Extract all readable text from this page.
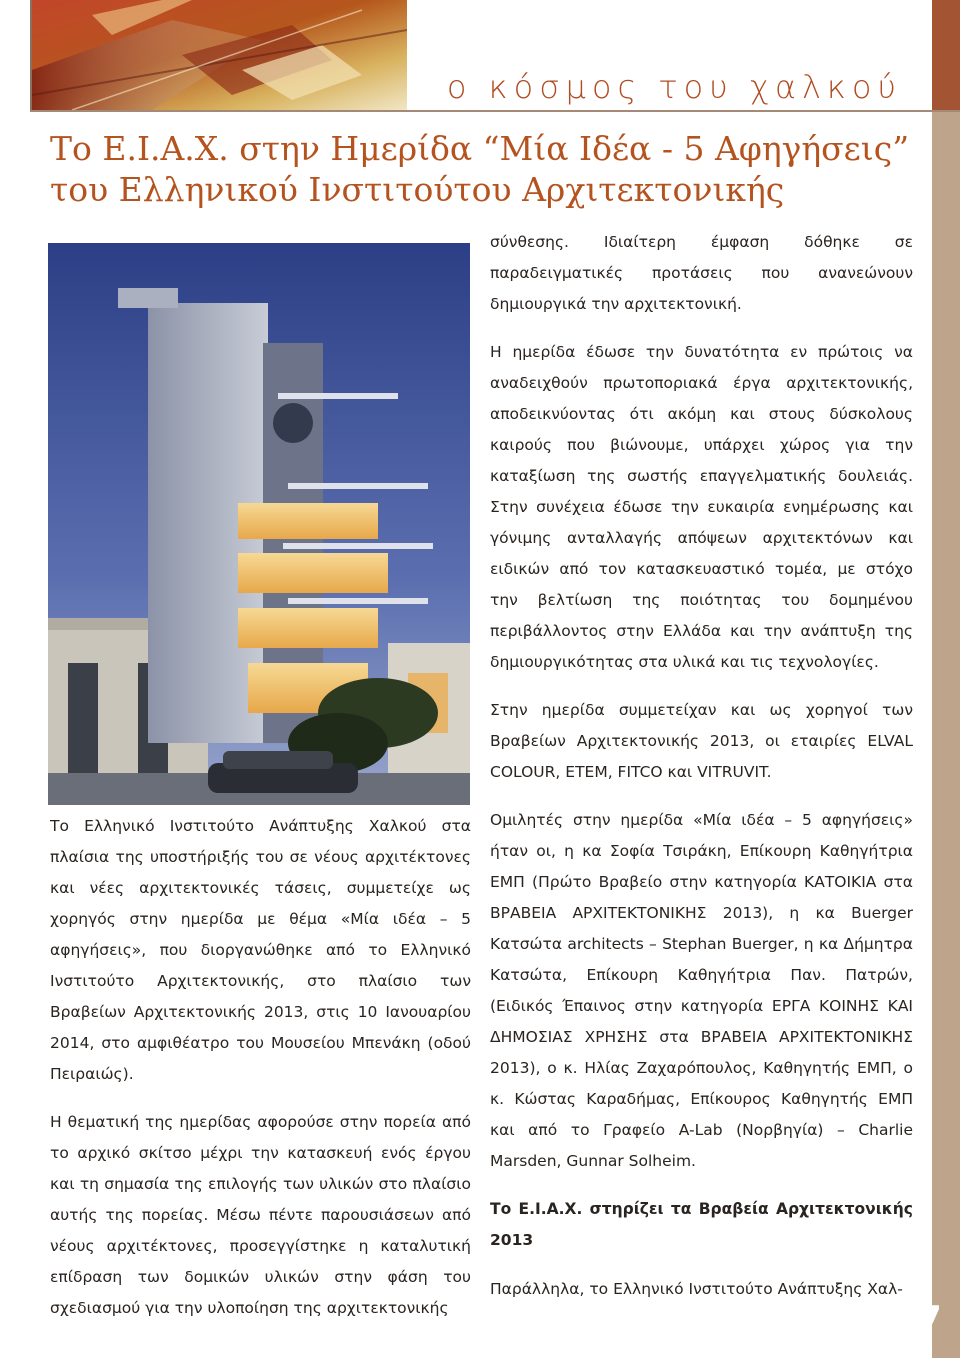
ο κόσμος του χαλκού
Το Ε.Ι.Α.Χ. στην Ημερίδα “Μία Ιδέα - 5 Αφηγήσεις” του Ελληνικού Ινστιτούτου Αρχιτεκτονικής

Το Ελληνικό Ινστιτούτο Ανάπτυξης Χαλκού στα πλαίσια της υποστήριξής του σε νέους αρχιτέκτονες και νέες αρχιτεκτονικές τάσεις, συμμετείχε ως χορηγός στην ημερίδα με θέμα «Μία ιδέα – 5 αφηγήσεις», που διοργανώθηκε από το Ελληνικό Ινστιτούτο Αρχιτεκτονικής, στο πλαίσιο των Βραβείων Αρχιτεκτονικής 2013, στις 10 Ιανουαρίου 2014, στο αμφιθέατρο του Μουσείου Μπενάκη (οδού Πειραιώς).

Η θεματική της ημερίδας αφορούσε στην πορεία από το αρχικό σκίτσο μέχρι την κατασκευή ενός έργου και τη σημασία της επιλογής των υλικών στο πλαίσιο αυτής της πορείας. Μέσω πέντε παρουσιάσεων από νέους αρχιτέκτονες, προσεγγίστηκε η καταλυτική επίδραση των δομικών υλικών στην φάση του σχεδιασμού για την υλοποίηση της αρχιτεκτονικής

σύνθεσης. Ιδιαίτερη έμφαση δόθηκε σε παραδειγματικές προτάσεις που ανανεώνουν δημιουργικά την αρχιτεκτονική.

Η ημερίδα έδωσε την δυνατότητα εν πρώτοις να αναδειχθούν πρωτοποριακά έργα αρχιτεκτονικής, αποδεικνύοντας ότι ακόμη και στους δύσκολους καιρούς που βιώνουμε, υπάρχει χώρος για την καταξίωση της σωστής επαγγελματικής δουλειάς. Στην συνέχεια έδωσε την ευκαιρία ενημέρωσης και γόνιμης ανταλλαγής απόψεων αρχιτεκτόνων και ειδικών από τον κατασκευαστικό τομέα, με στόχο την βελτίωση της ποιότητας του δομημένου περιβάλλοντος στην Ελλάδα και την ανάπτυξη της δημιουργικότητας στα υλικά και τις τεχνολογίες.

Στην ημερίδα συμμετείχαν και ως χορηγοί των Βραβείων Αρχιτεκτονικής 2013, οι εταιρίες ELVAL COLOUR, ETEM, FITCO και VITRUVIT.

Ομιλητές στην ημερίδα «Μία ιδέα – 5 αφηγήσεις» ήταν οι, η κα Σοφία Τσιράκη, Επίκουρη Καθηγήτρια ΕΜΠ (Πρώτο Βραβείο στην κατηγορία ΚΑΤΟΙΚΙΑ στα ΒΡΑΒΕΙΑ ΑΡΧΙΤΕΚΤΟΝΙΚΗΣ 2013), η κα Buerger Κατσώτα architects – Stephan Buerger, η κα Δήμητρα Κατσώτα, Επίκουρη Καθηγήτρια Παν. Πατρών, (Ειδικός Έπαινος στην κατηγορία ΕΡΓΑ ΚΟΙΝΗΣ ΚΑΙ ΔΗΜΟΣΙΑΣ ΧΡΗΣΗΣ στα ΒΡΑΒΕΙΑ ΑΡΧΙΤΕΚΤΟΝΙΚΗΣ 2013), ο κ. Ηλίας Ζαχαρόπουλος, Καθηγητής ΕΜΠ, ο κ. Κώστας Καραδήμας, Επίκουρος Καθηγητής ΕΜΠ και από το Γραφείο A-Lab (Νορβηγία) – Charlie Marsden, Gunnar Solheim.

Το Ε.Ι.Α.Χ. στηρίζει τα Βραβεία Αρχιτεκτονικής 2013

Παράλληλα, το Ελληνικό Ινστιτούτο Ανάπτυξης Χαλ-

7
